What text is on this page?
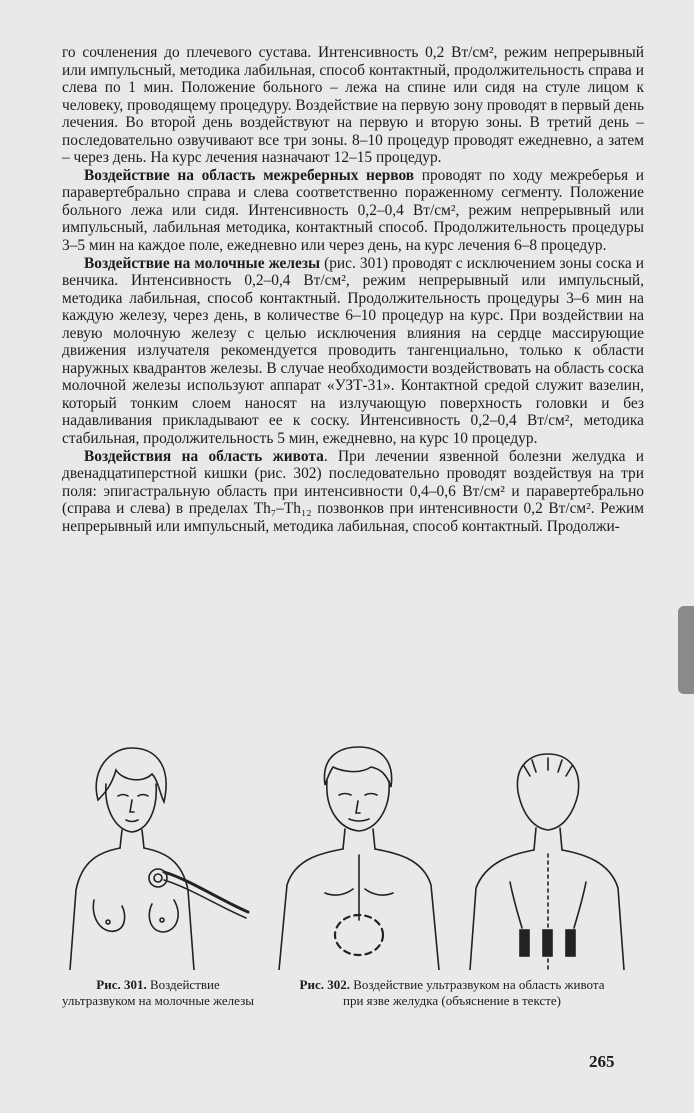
го сочленения до плечевого сустава. Интенсивность 0,2 Вт/см², режим непрерывный или импульсный, методика лабильная, способ контактный, продолжительность справа и слева по 1 мин. Положение больного – лежа на спине или сидя на стуле лицом к человеку, проводящему процедуру. Воздействие на первую зону проводят в первый день лечения. Во второй день воздействуют на первую и вторую зоны. В третий день – последовательно озвучивают все три зоны. 8–10 процедур проводят ежедневно, а затем – через день. На курс лечения назначают 12–15 процедур.

Воздействие на область межреберных нервов проводят по ходу межреберья и паравертебрально справа и слева соответственно пораженному сегменту. Положение больного лежа или сидя. Интенсивность 0,2–0,4 Вт/см², режим непрерывный или импульсный, лабильная методика, контактный способ. Продолжительность процедуры 3–5 мин на каждое поле, ежедневно или через день, на курс лечения 6–8 процедур.

Воздействие на молочные железы (рис. 301) проводят с исключением зоны соска и венчика. Интенсивность 0,2–0,4 Вт/см², режим непрерывный или импульсный, методика лабильная, способ контактный. Продолжительность процедуры 3–6 мин на каждую железу, через день, в количестве 6–10 процедур на курс. При воздействии на левую молочную железу с целью исключения влияния на сердце массирующие движения излучателя рекомендуется проводить тангенциально, только к области наружных квадрантов железы. В случае необходимости воздействовать на область соска молочной железы используют аппарат «УЗТ-31». Контактной средой служит вазелин, который тонким слоем наносят на излучающую поверхность головки и без надавливания прикладывают ее к соску. Интенсивность 0,2–0,4 Вт/см², методика стабильная, продолжительность 5 мин, ежедневно, на курс 10 процедур.

Воздействия на область живота. При лечении язвенной болезни желудка и двенадцатиперстной кишки (рис. 302) последовательно проводят воздействуя на три поля: эпигастральную область при интенсивности 0,4–0,6 Вт/см² и паравертебрально (справа и слева) в пределах Th₇–Th₁₂ позвонков при интенсивности 0,2 Вт/см². Режим непрерывный или импульсный, методика лабильная, способ контактный. Продолжи-

Рис. 301. Воздействие ультразвуком на молочные железы
Рис. 302. Воздействие ультразвуком на область живота при язве желудка (объяснение в тексте)
265
